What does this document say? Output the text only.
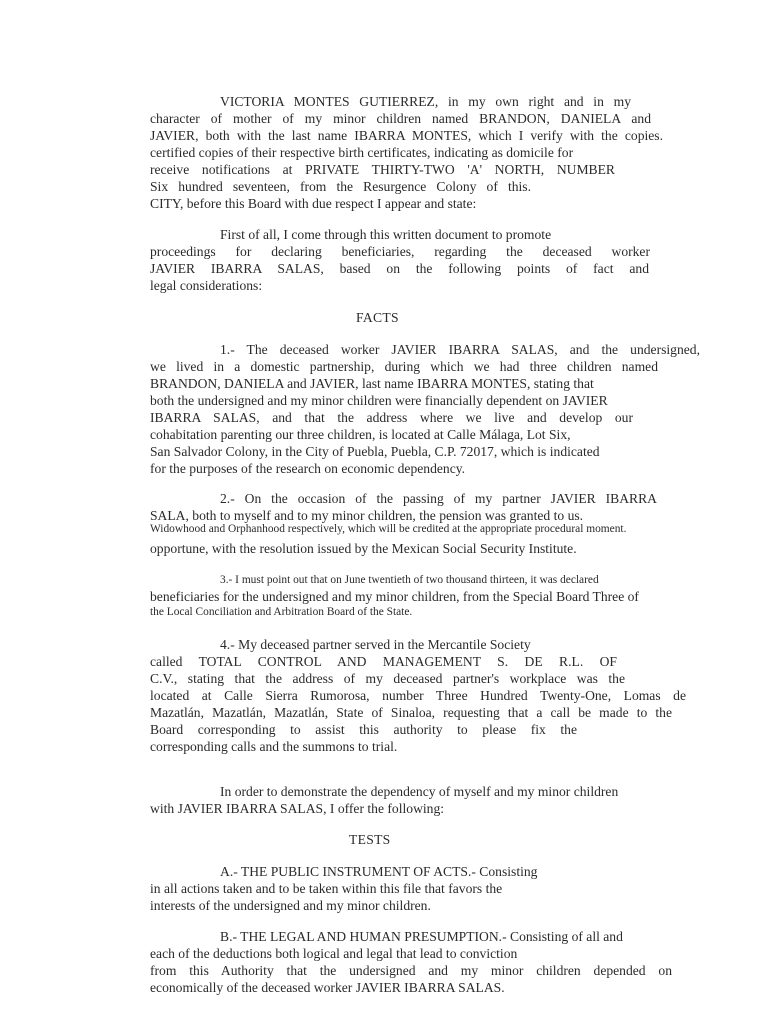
VICTORIA MONTES GUTIERREZ, in my own right and in my
character of mother of my minor children named BRANDON, DANIELA and
JAVIER, both with the last name IBARRA MONTES, which I verify with the copies.
certified copies of their respective birth certificates, indicating as domicile for
receive notifications at PRIVATE THIRTY-TWO 'A' NORTH, NUMBER
Six hundred seventeen, from the Resurgence Colony of this.
CITY, before this Board with due respect I appear and state:
First of all, I come through this written document to promote
proceedings for declaring beneficiaries, regarding the deceased worker
JAVIER IBARRA SALAS, based on the following points of fact and
legal considerations:
FACTS
1.- The deceased worker JAVIER IBARRA SALAS, and the undersigned,
we lived in a domestic partnership, during which we had three children named
BRANDON, DANIELA and JAVIER, last name IBARRA MONTES, stating that
both the undersigned and my minor children were financially dependent on JAVIER
IBARRA SALAS, and that the address where we live and develop our
cohabitation parenting our three children, is located at Calle Málaga, Lot Six,
San Salvador Colony, in the City of Puebla, Puebla, C.P. 72017, which is indicated
for the purposes of the research on economic dependency.
2.- On the occasion of the passing of my partner JAVIER IBARRA
SALA, both to myself and to my minor children, the pension was granted to us.
Widowhood and Orphanhood respectively, which will be credited at the appropriate procedural moment.
opportune, with the resolution issued by the Mexican Social Security Institute.
3.- I must point out that on June twentieth of two thousand thirteen, it was declared
beneficiaries for the undersigned and my minor children, from the Special Board Three of
the Local Conciliation and Arbitration Board of the State.
4.- My deceased partner served in the Mercantile Society
called TOTAL CONTROL AND MANAGEMENT S. DE R.L. OF
C.V., stating that the address of my deceased partner's workplace was the
located at Calle Sierra Rumorosa, number Three Hundred Twenty-One, Lomas de
Mazatlán, Mazatlán, Mazatlán, State of Sinaloa, requesting that a call be made to the
Board corresponding to assist this authority to please fix the
corresponding calls and the summons to trial.
In order to demonstrate the dependency of myself and my minor children
with JAVIER IBARRA SALAS, I offer the following:
TESTS
A.- THE PUBLIC INSTRUMENT OF ACTS.- Consisting
in all actions taken and to be taken within this file that favors the
interests of the undersigned and my minor children.
B.- THE LEGAL AND HUMAN PRESUMPTION.- Consisting of all and
each of the deductions both logical and legal that lead to conviction
from this Authority that the undersigned and my minor children depended on
economically of the deceased worker JAVIER IBARRA SALAS.
